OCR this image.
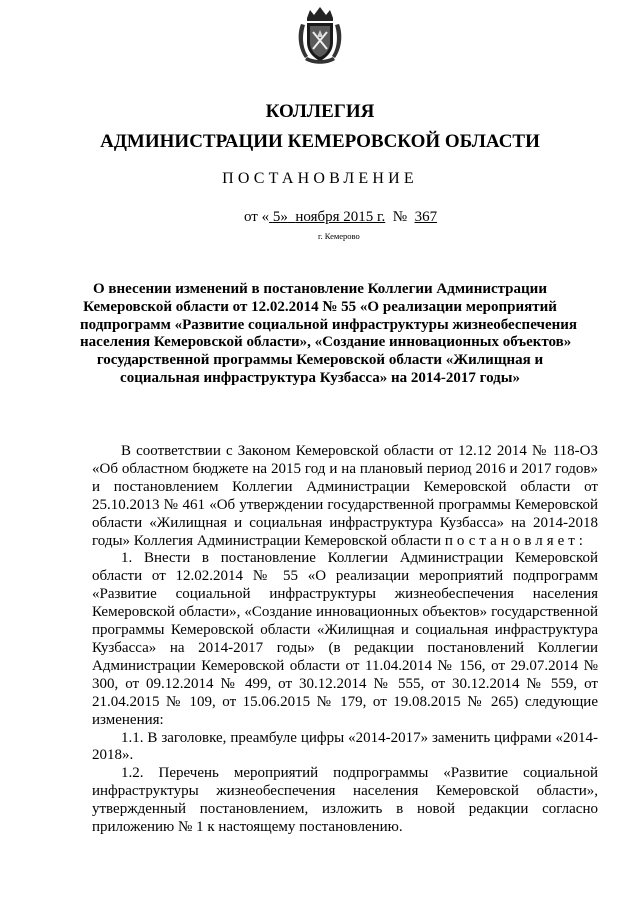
КОЛЛЕГИЯ
АДМИНИСТРАЦИИ КЕМЕРОВСКОЙ ОБЛАСТИ
ПОСТАНОВЛЕНИЕ
от « 5» ноября 2015 г. № 367
г. Кемерово
О внесении изменений в постановление Коллегии Администрации
Кемеровской области от 12.02.2014 № 55 «О реализации мероприятий
подпрограмм «Развитие социальной инфраструктуры жизнеобеспечения
населения Кемеровской области», «Создание инновационных объектов»
государственной программы Кемеровской области «Жилищная и
социальная инфраструктура Кузбасса» на 2014-2017 годы»

В соответствии с Законом Кемеровской области от 12.12 2014 № 118-ОЗ «Об областном бюджете на 2015 год и на плановый период 2016 и 2017 годов» и постановлением Коллегии Администрации Кемеровской области от 25.10.2013 № 461 «Об утверждении государственной программы Кемеровской области «Жилищная и социальная инфраструктура Кузбасса» на 2014-2018 годы» Коллегия Администрации Кемеровской области постановляет:

1. Внести в постановление Коллегии Администрации Кемеровской области от 12.02.2014 № 55 «О реализации мероприятий подпрограмм «Развитие социальной инфраструктуры жизнеобеспечения населения Кемеровской области», «Создание инновационных объектов» государственной программы Кемеровской области «Жилищная и социальная инфраструктура Кузбасса» на 2014-2017 годы» (в редакции постановлений Коллегии Администрации Кемеровской области от 11.04.2014 № 156, от 29.07.2014 № 300, от 09.12.2014 № 499, от 30.12.2014 № 555, от 30.12.2014 № 559, от 21.04.2015 № 109, от 15.06.2015 № 179, от 19.08.2015 № 265) следующие изменения:

1.1. В заголовке, преамбуле цифры «2014-2017» заменить цифрами «2014-2018».

1.2. Перечень мероприятий подпрограммы «Развитие социальной инфраструктуры жизнеобеспечения населения Кемеровской области», утвержденный постановлением, изложить в новой редакции согласно приложению № 1 к настоящему постановлению.
